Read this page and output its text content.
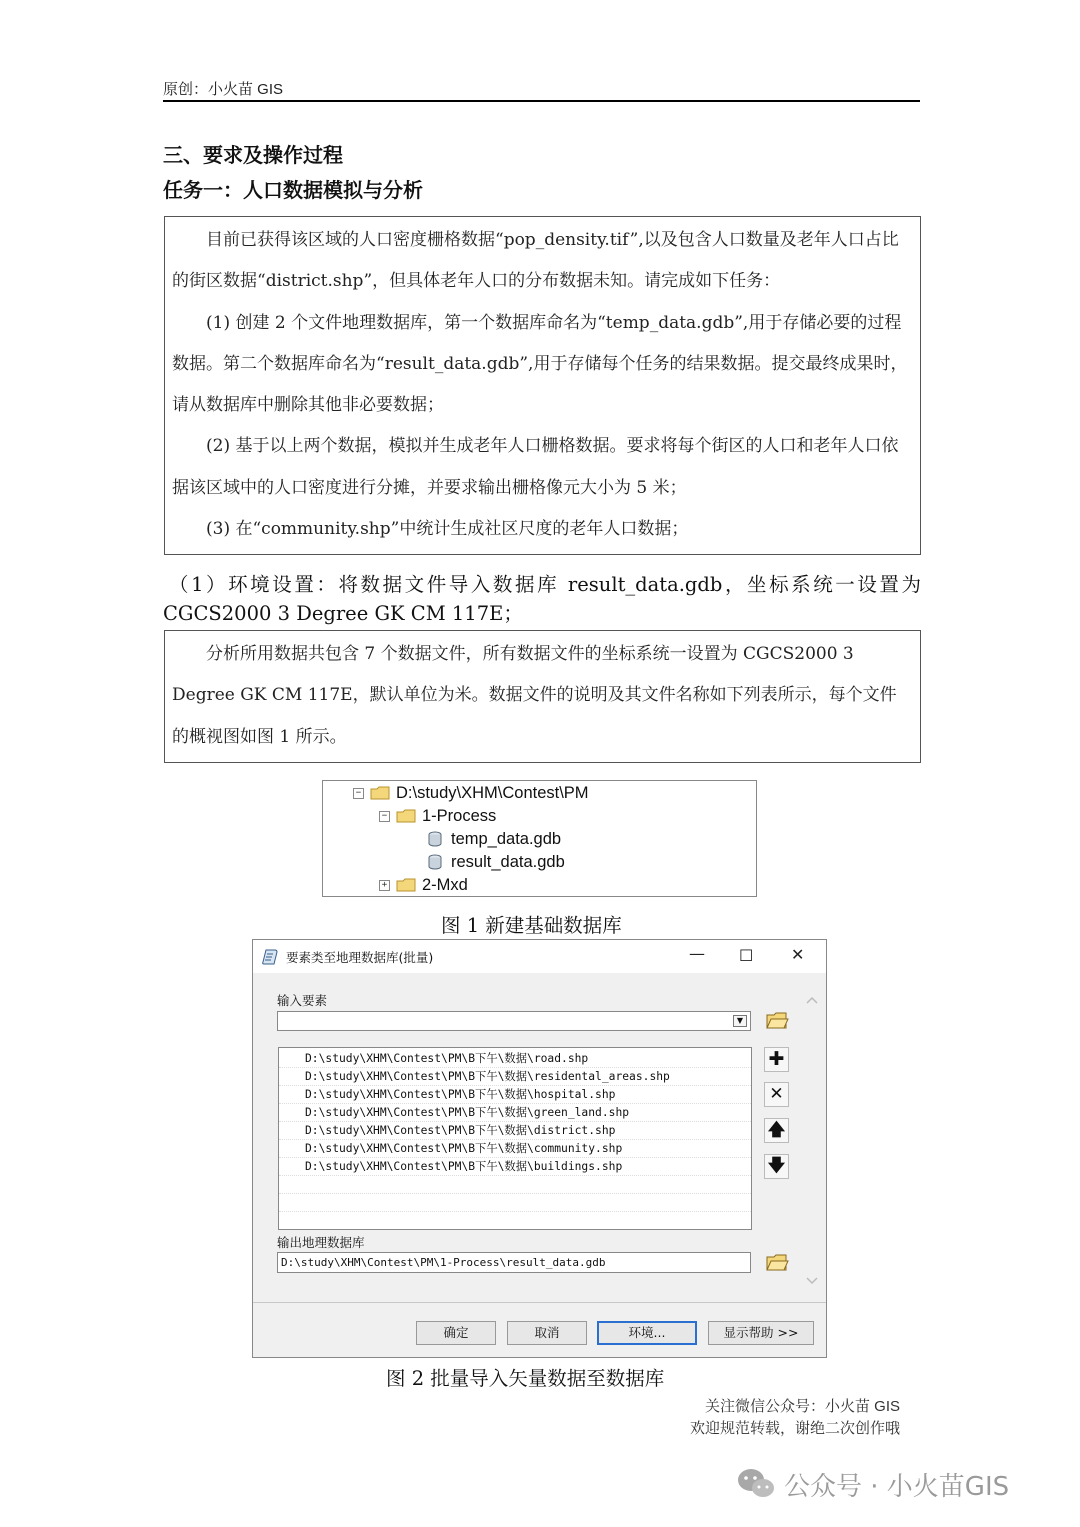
原创：小火苗 GIS
三、要求及操作过程
任务一：人口数据模拟与分析

目前已获得该区域的人口密度栅格数据“pop_density.tif”,以及包含人口数量及老年人口占比的街区数据“district.shp”，但具体老年人口的分布数据未知。请完成如下任务：

(1) 创建 2 个文件地理数据库，第一个数据库命名为“temp_data.gdb”,用于存储必要的过程数据。第二个数据库命名为“result_data.gdb”,用于存储每个任务的结果数据。提交最终成果时，请从数据库中删除其他非必要数据；

(2) 基于以上两个数据，模拟并生成老年人口栅格数据。要求将每个街区的人口和老年人口依据该区域中的人口密度进行分摊，并要求输出栅格像元大小为 5 米；

(3) 在“community.shp”中统计生成社区尺度的老年人口数据；

（1）环境设置：将数据文件导入数据库 result_data.gdb，坐标系统一设置为 CGCS2000 3 Degree GK CM 117E；

分析所用数据共包含 7 个数据文件，所有数据文件的坐标系统一设置为 CGCS2000 3 Degree GK CM 117E，默认单位为米。数据文件的说明及其文件名称如下列表所示，每个文件的概视图如图 1 所示。

− D:\study\XHM\Contest\PM
− 1-Process
temp_data.gdb
result_data.gdb
+ 2-Mxd
图 1 新建基础数据库
要素类至地理数据库(批量)	— ☐ ✕
输入要素
▼
D:\study\XHM\Contest\PM\B下午\数据\road.shp
D:\study\XHM\Contest\PM\B下午\数据\residental_areas.shp
D:\study\XHM\Contest\PM\B下午\数据\hospital.shp
D:\study\XHM\Contest\PM\B下午\数据\green_land.shp
D:\study\XHM\Contest\PM\B下午\数据\district.shp
D:\study\XHM\Contest\PM\B下午\数据\community.shp
D:\study\XHM\Contest\PM\B下午\数据\buildings.shp
✚
✕
🡅
🡇
输出地理数据库
D:\study\XHM\Contest\PM\1-Process\result_data.gdb
确定	取消	环境...	显示帮助 >>
图 2 批量导入矢量数据至数据库
关注微信公众号：小火苗 GIS
欢迎规范转载，谢绝二次创作哦
公众号 · 小火苗GIS
